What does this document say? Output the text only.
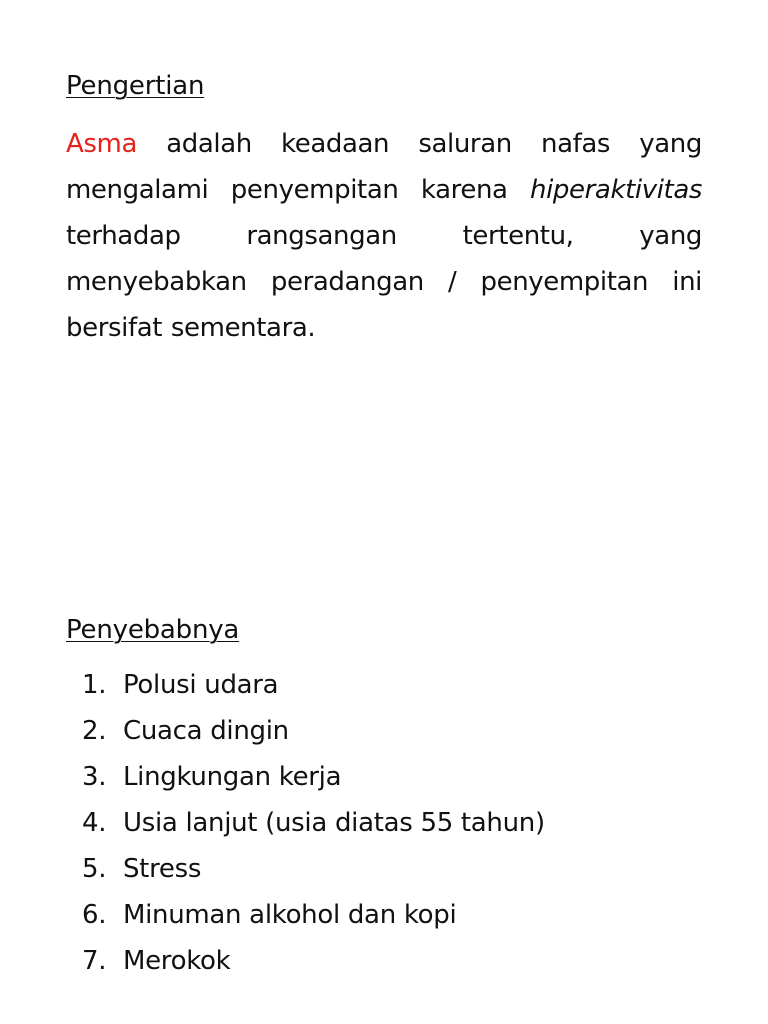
Pengertian

Asma adalah keadaan saluran nafas yang mengalami penyempitan karena hiperaktivitas terhadap rangsangan tertentu, yang menyebabkan peradangan / penyempitan ini bersifat sementara.

Penyebabnya
1. Polusi udara
2. Cuaca dingin
3. Lingkungan kerja
4. Usia lanjut (usia diatas 55 tahun)
5. Stress
6. Minuman alkohol dan kopi
7. Merokok
